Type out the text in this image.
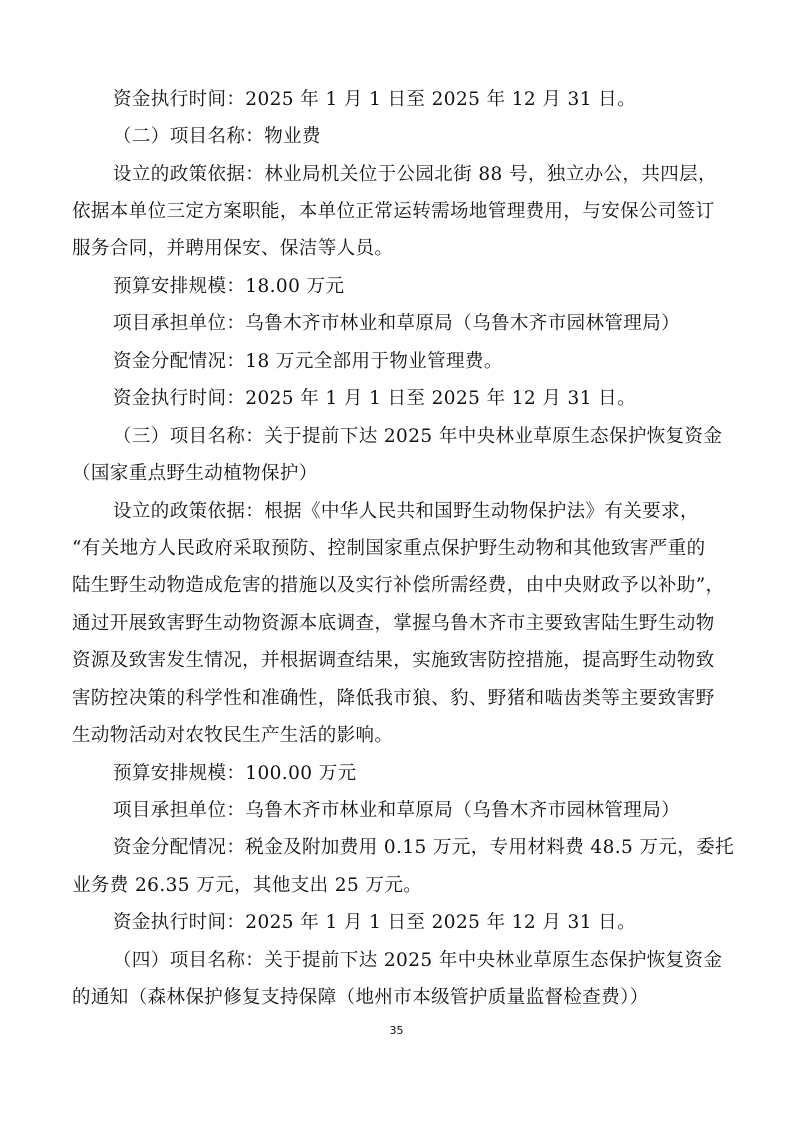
资金执行时间：2025 年 1 月 1 日至 2025 年 12 月 31 日。
（二）项目名称：物业费
设立的政策依据：林业局机关位于公园北街 88 号，独立办公，共四层，
依据本单位三定方案职能，本单位正常运转需场地管理费用，与安保公司签订
服务合同，并聘用保安、保洁等人员。
预算安排规模：18.00 万元
项目承担单位：乌鲁木齐市林业和草原局（乌鲁木齐市园林管理局）
资金分配情况：18 万元全部用于物业管理费。
资金执行时间：2025 年 1 月 1 日至 2025 年 12 月 31 日。
（三）项目名称：关于提前下达 2025 年中央林业草原生态保护恢复资金
（国家重点野生动植物保护）
设立的政策依据：根据《中华人民共和国野生动物保护法》有关要求，
“有关地方人民政府采取预防、控制国家重点保护野生动物和其他致害严重的
陆生野生动物造成危害的措施以及实行补偿所需经费，由中央财政予以补助”，
通过开展致害野生动物资源本底调查，掌握乌鲁木齐市主要致害陆生野生动物
资源及致害发生情况，并根据调查结果，实施致害防控措施，提高野生动物致
害防控决策的科学性和准确性，降低我市狼、豹、野猪和啮齿类等主要致害野
生动物活动对农牧民生产生活的影响。
预算安排规模：100.00 万元
项目承担单位：乌鲁木齐市林业和草原局（乌鲁木齐市园林管理局）
资金分配情况：税金及附加费用 0.15 万元，专用材料费 48.5 万元，委托
业务费 26.35 万元，其他支出 25 万元。
资金执行时间：2025 年 1 月 1 日至 2025 年 12 月 31 日。
（四）项目名称：关于提前下达 2025 年中央林业草原生态保护恢复资金
的通知（森林保护修复支持保障（地州市本级管护质量监督检查费））
35
